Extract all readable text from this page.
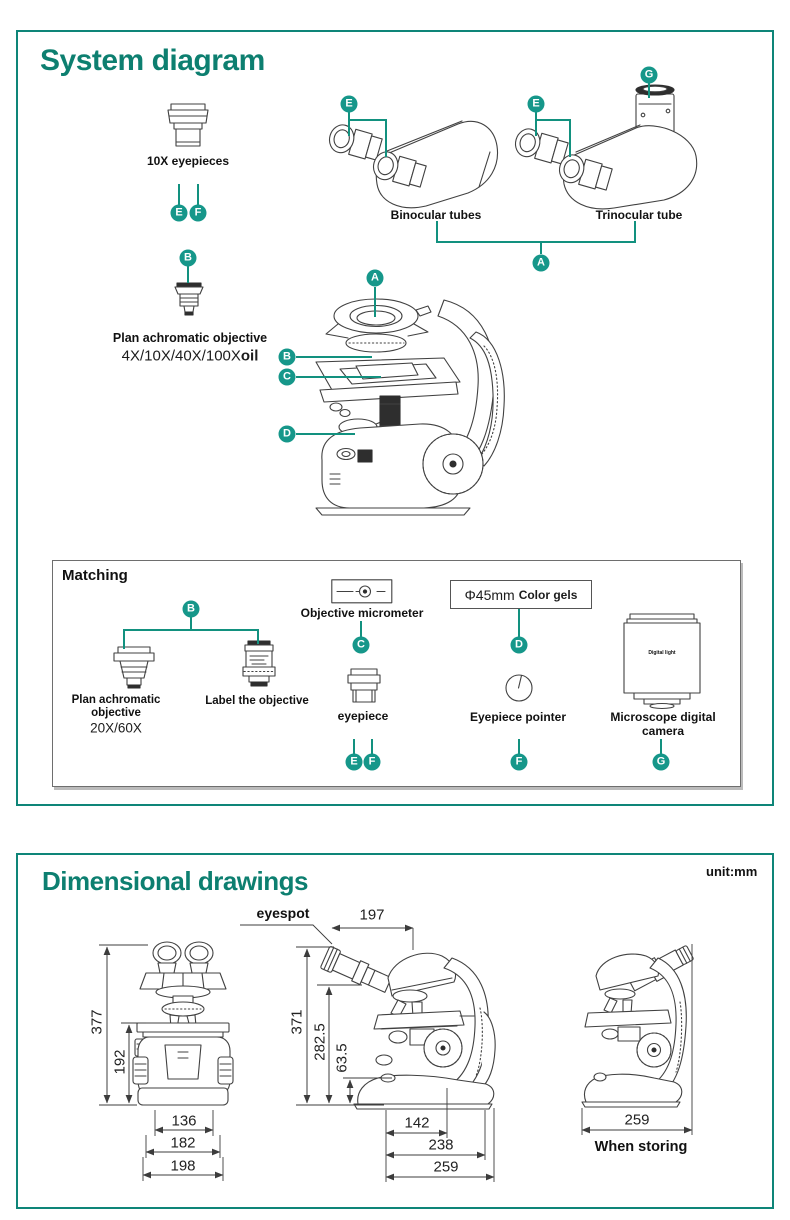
System diagram
Dimensional drawings	unit:mm
Matching
10X eyepieces
Plan achromatic objective
4X/10X/40X/100Xoil
Binocular tubes	Trinocular tube
Plan achromatic
objective
20X/60X
Label the objective
Objective micrometer
eyepiece
Φ45mm Color gels
Eyepiece pointer
Digital light
Microscope digital
camera
E	F
B
E	E
G
A
A
B
C
D
B
C
E F
D
F	G
eyespot	197
377
192
136
182
198
371
282.5 63.5
142
238
259
259
When storing
